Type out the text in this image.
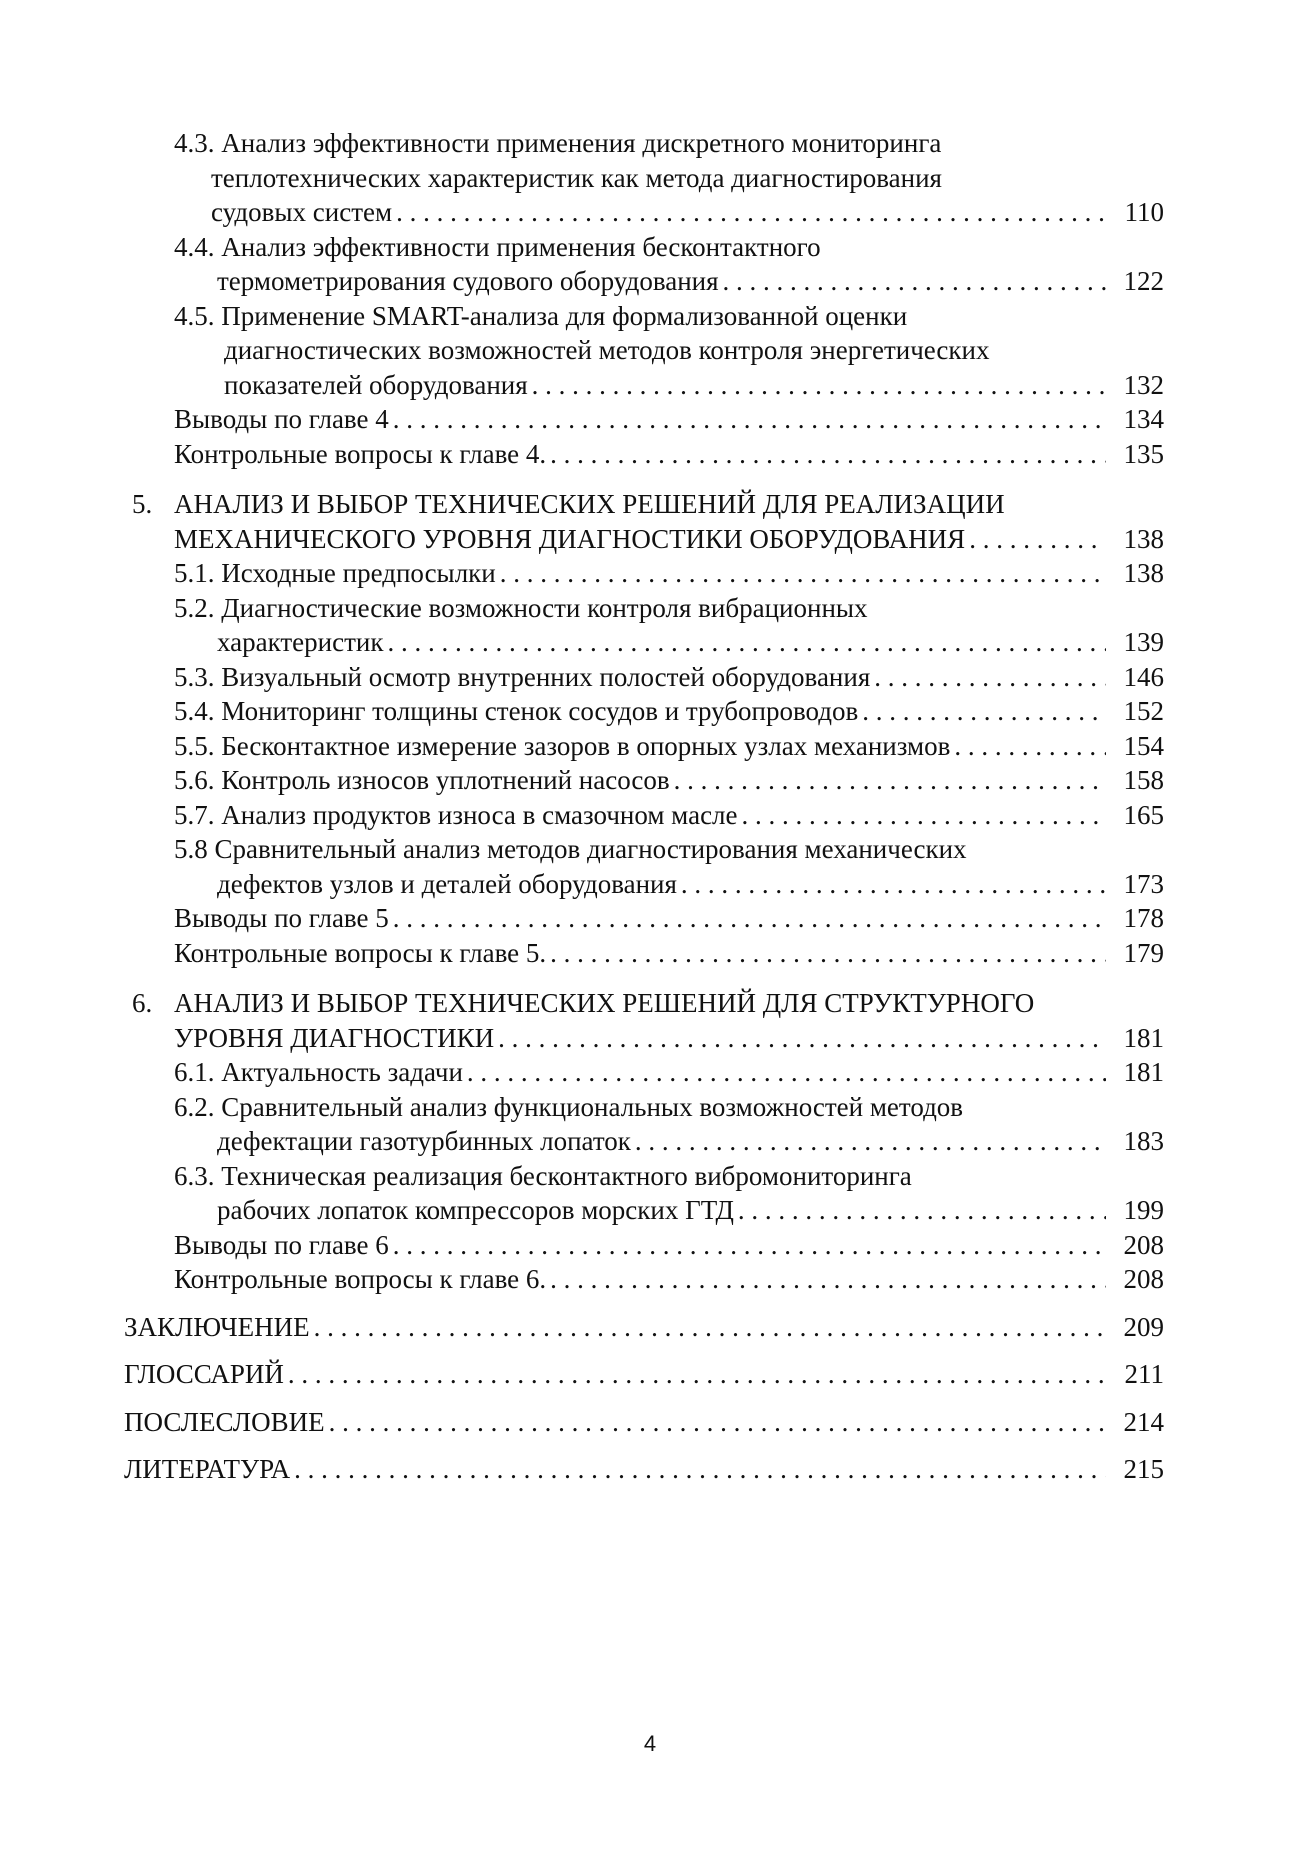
4.3. Анализ эффективности применения дискретного мониторинга
теплотехнических характеристик как метода диагностирования
судовых систем . . .	110
4.4. Анализ эффективности применения бесконтактного
термометрирования судового оборудования . . .	122
4.5. Применение SMART-анализа для формализованной оценки
диагностических возможностей методов контроля энергетических
показателей оборудования . . .	132
Выводы по главе 4 . . .	134
Контрольные вопросы к главе 4. . . .	135
5. АНАЛИЗ И ВЫБОР ТЕХНИЧЕСКИХ РЕШЕНИЙ ДЛЯ РЕАЛИЗАЦИИ
МЕХАНИЧЕСКОГО УРОВНЯ ДИАГНОСТИКИ ОБОРУДОВАНИЯ . . .	138
5.1. Исходные предпосылки . . .	138
5.2. Диагностические возможности контроля вибрационных
характеристик . . .	139
5.3. Визуальный осмотр внутренних полостей оборудования . . .	146
5.4. Мониторинг толщины стенок сосудов и трубопроводов . . .	152
5.5. Бесконтактное измерение зазоров в опорных узлах механизмов . . .	154
5.6. Контроль износов уплотнений насосов . . .	158
5.7. Анализ продуктов износа в смазочном масле . . .	165
5.8 Сравнительный анализ методов диагностирования механических
дефектов узлов и деталей оборудования . . .	173
Выводы по главе 5 . . .	178
Контрольные вопросы к главе 5. . . .	179
6. АНАЛИЗ И ВЫБОР ТЕХНИЧЕСКИХ РЕШЕНИЙ ДЛЯ СТРУКТУРНОГО
УРОВНЯ ДИАГНОСТИКИ . . .	181
6.1. Актуальность задачи . . .	181
6.2. Сравнительный анализ функциональных возможностей методов
дефектации газотурбинных лопаток . . .	183
6.3. Техническая реализация бесконтактного вибромониторинга
рабочих лопаток компрессоров морских ГТД . . .	199
Выводы по главе 6 . . .	208
Контрольные вопросы к главе 6. . . .	208
ЗАКЛЮЧЕНИЕ . . .	209
ГЛОССАРИЙ . . .	211
ПОСЛЕСЛОВИЕ . . .	214
ЛИТЕРАТУРА . . .	215
4
